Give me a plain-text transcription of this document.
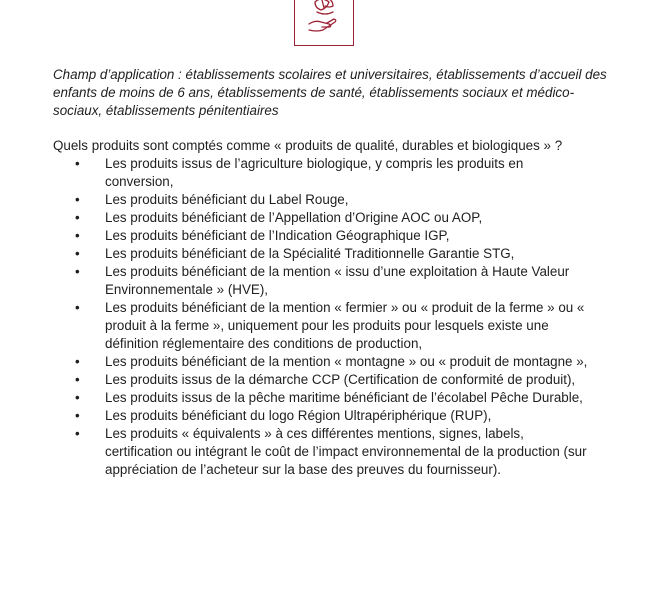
Champ d’application : établissements scolaires et universitaires, établissements d’accueil des enfants de moins de 6 ans, établissements de santé, établissements sociaux et médico-sociaux, établissements pénitentiaires

Quels produits sont comptés comme « produits de qualité, durables et biologiques » ?

• Les produits issus de l’agriculture biologique, y compris les produits en conversion,
• Les produits bénéficiant du Label Rouge,
• Les produits bénéficiant de l’Appellation d’Origine AOC ou AOP,
• Les produits bénéficiant de l’Indication Géographique IGP,
• Les produits bénéficiant de la Spécialité Traditionnelle Garantie STG,
• Les produits bénéficiant de la mention « issu d’une exploitation à Haute Valeur Environnementale » (HVE),
• Les produits bénéficiant de la mention « fermier » ou « produit de la ferme » ou « produit à la ferme », uniquement pour les produits pour lesquels existe une définition réglementaire des conditions de production,
• Les produits bénéficiant de la mention « montagne » ou « produit de montagne »,
• Les produits issus de la démarche CCP (Certification de conformité de produit),
• Les produits issus de la pêche maritime bénéficiant de l’écolabel Pêche Durable,
• Les produits bénéficiant du logo Région Ultrapériphérique (RUP),
• Les produits « équivalents » à ces différentes mentions, signes, labels, certification ou intégrant le coût de l’impact environnemental de la production (sur appréciation de l’acheteur sur la base des preuves du fournisseur).
